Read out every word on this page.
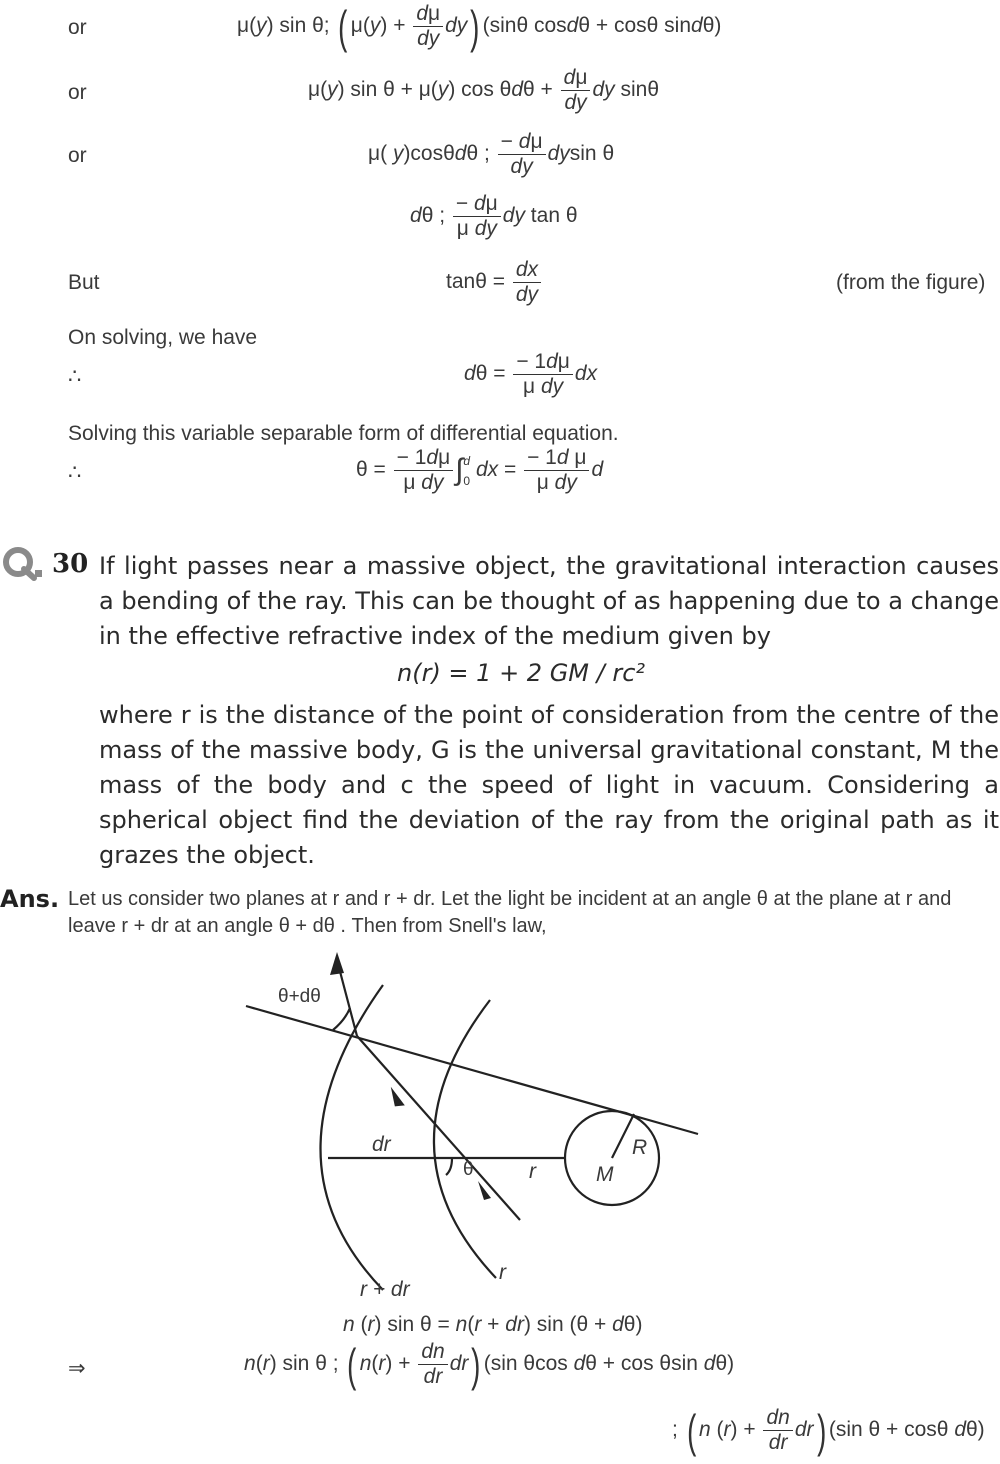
or	μ(y) sin θ; ( $\mu(y) + \frac{d\mu}{dy} dy$) (sinθ cosdθ + cosθ sindθ)
or	μ(y) sin θ + μ(y) $\cos \theta d\theta + \frac{d\mu}{dy}$ dy sinθ
or	μ( y)cosθdθ ; $\frac{- d\mu}{dy}$ dysin θ
dθ ; $\frac{- d\mu}{\text{μ dy}}$ dy tan θ
But	$\tan\theta = \frac{dx}{dy}$	(from the figure)
On solving, we have
∴	$d\theta = \frac{- 1d\mu}{\text{μ dy}}$ dx
Solving this variable separable form of differential equation.
∴	$\theta = \frac{- 1d\mu}{\text{μ dy}} \int d$
0 dx = $\frac{\text{− 1d μ}}{\text{μ dy}}$ d
30 If light passes near a massive object, the gravitational interaction causes a bending of the ray. This can be thought of as happening due to a change in the effective refractive index of the medium given by
n(r) = 1 + 2 GM / rc²
where r is the distance of the point of consideration from the centre of the mass of the massive body, G is the universal gravitational constant, M the mass of the body and c the speed of light in vacuum. Considering a spherical object find the deviation of the ray from the original path as it grazes the object.
Ans. Let us consider two planes at r and r + dr. Let the light be incident at an angle θ at the plane at r and leave r + dr at an angle θ + dθ . Then from Snell's law,
θ+dθ
dr
θ	r	M
R
r
r + dr
n (r) sin θ = n(r + dr) sin (θ + dθ)
⇒	n(r) sin θ ; ( $n(r) + \frac{dn}{dr} dr$) (sin θcos dθ + cos θsin dθ)
; ( n $(r) + \frac{dn}{dr} dr$) (sin θ + cosθ dθ)
